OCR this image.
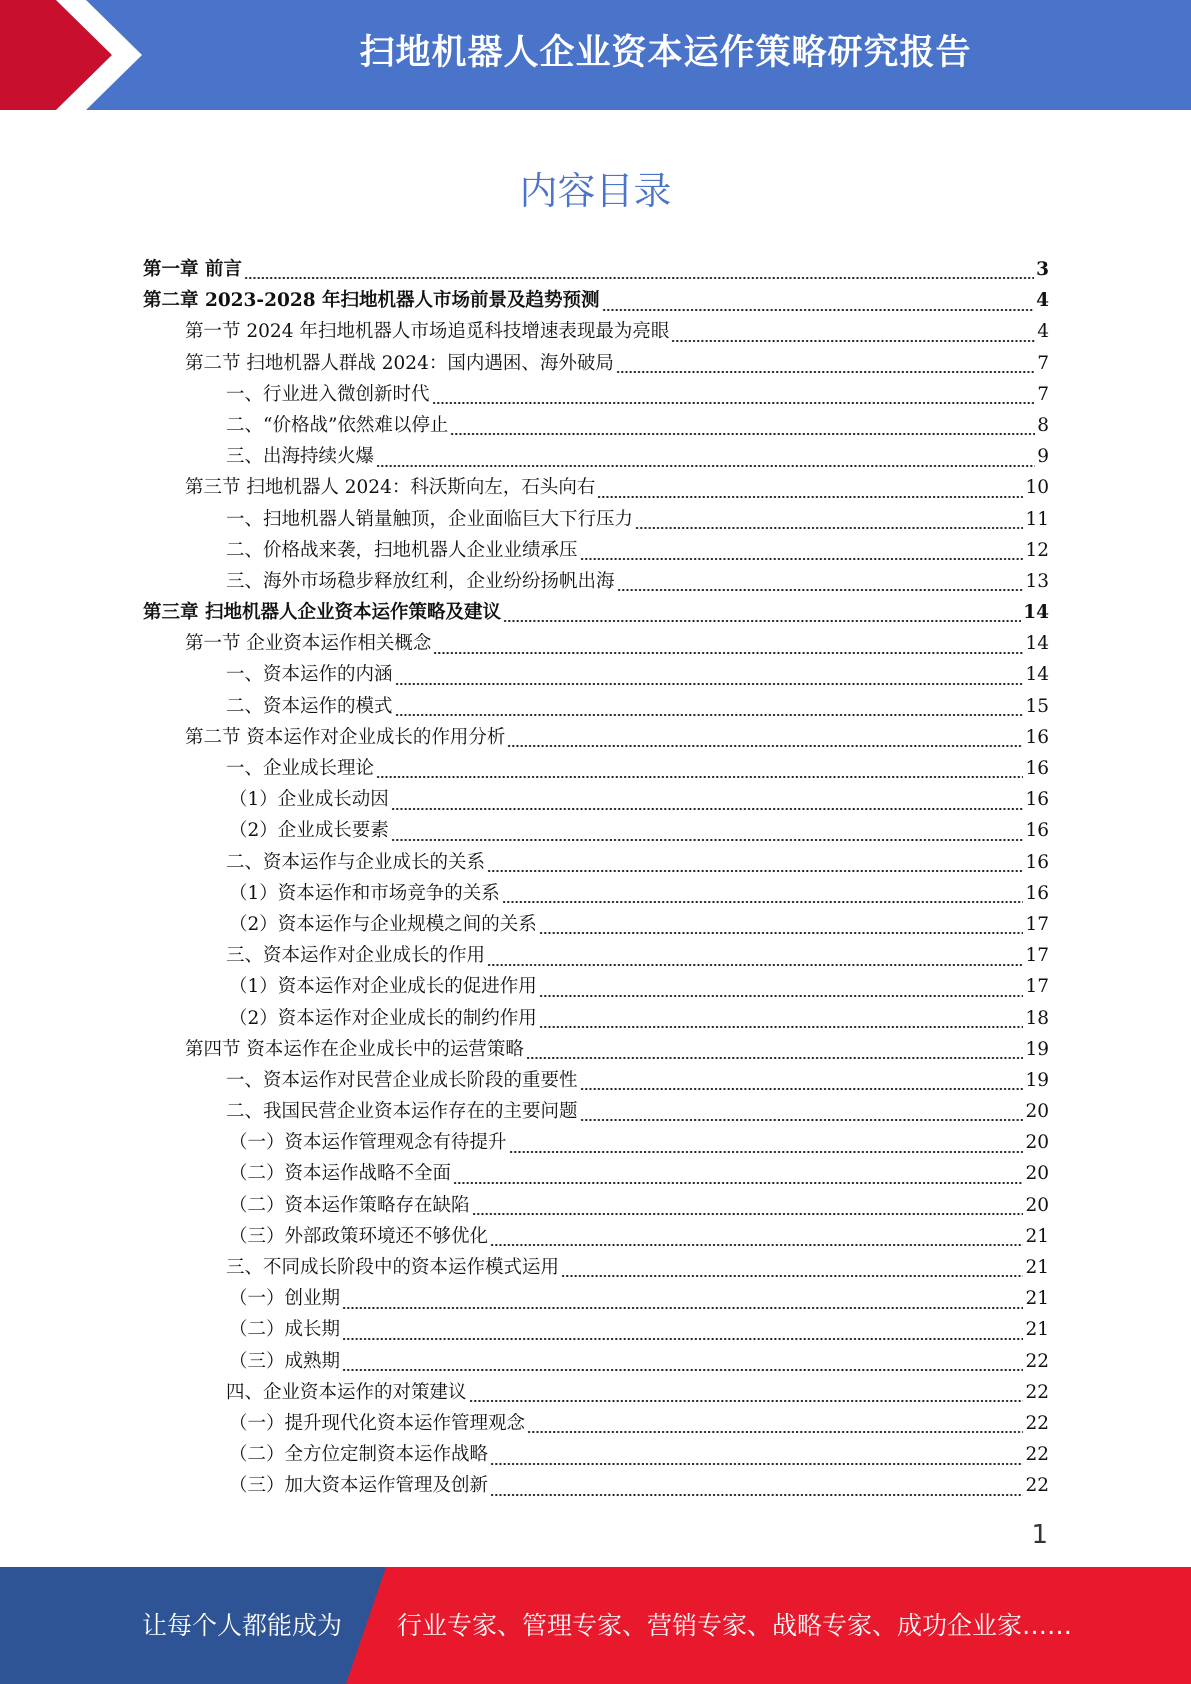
扫地机器人企业资本运作策略研究报告
内容目录
第一章 前言	3
第二章 2023-2028 年扫地机器人市场前景及趋势预测	4
第一节 2024 年扫地机器人市场追觅科技增速表现最为亮眼	4
第二节 扫地机器人群战 2024：国内遇困、海外破局	7
一、行业进入微创新时代	7
二、“价格战”依然难以停止	8
三、出海持续火爆	9
第三节 扫地机器人 2024：科沃斯向左，石头向右	10
一、扫地机器人销量触顶，企业面临巨大下行压力	11
二、价格战来袭，扫地机器人企业业绩承压	12
三、海外市场稳步释放红利，企业纷纷扬帆出海	13
第三章 扫地机器人企业资本运作策略及建议	14
第一节 企业资本运作相关概念	14
一、资本运作的内涵	14
二、资本运作的模式	15
第二节 资本运作对企业成长的作用分析	16
一、企业成长理论	16
（1）企业成长动因	16
（2）企业成长要素	16
二、资本运作与企业成长的关系	16
（1）资本运作和市场竞争的关系	16
（2）资本运作与企业规模之间的关系	17
三、资本运作对企业成长的作用	17
（1）资本运作对企业成长的促进作用	17
（2）资本运作对企业成长的制约作用	18
第四节 资本运作在企业成长中的运营策略	19
一、资本运作对民营企业成长阶段的重要性	19
二、我国民营企业资本运作存在的主要问题	20
（一）资本运作管理观念有待提升	20
（二）资本运作战略不全面	20
（二）资本运作策略存在缺陷	20
（三）外部政策环境还不够优化	21
三、不同成长阶段中的资本运作模式运用	21
（一）创业期	21
（二）成长期	21
（三）成熟期	22
四、企业资本运作的对策建议	22
（一）提升现代化资本运作管理观念	22
（二）全方位定制资本运作战略	22
（三）加大资本运作管理及创新	22
1
让每个人都能成为 行业专家、管理专家、营销专家、战略专家、成功企业家……
